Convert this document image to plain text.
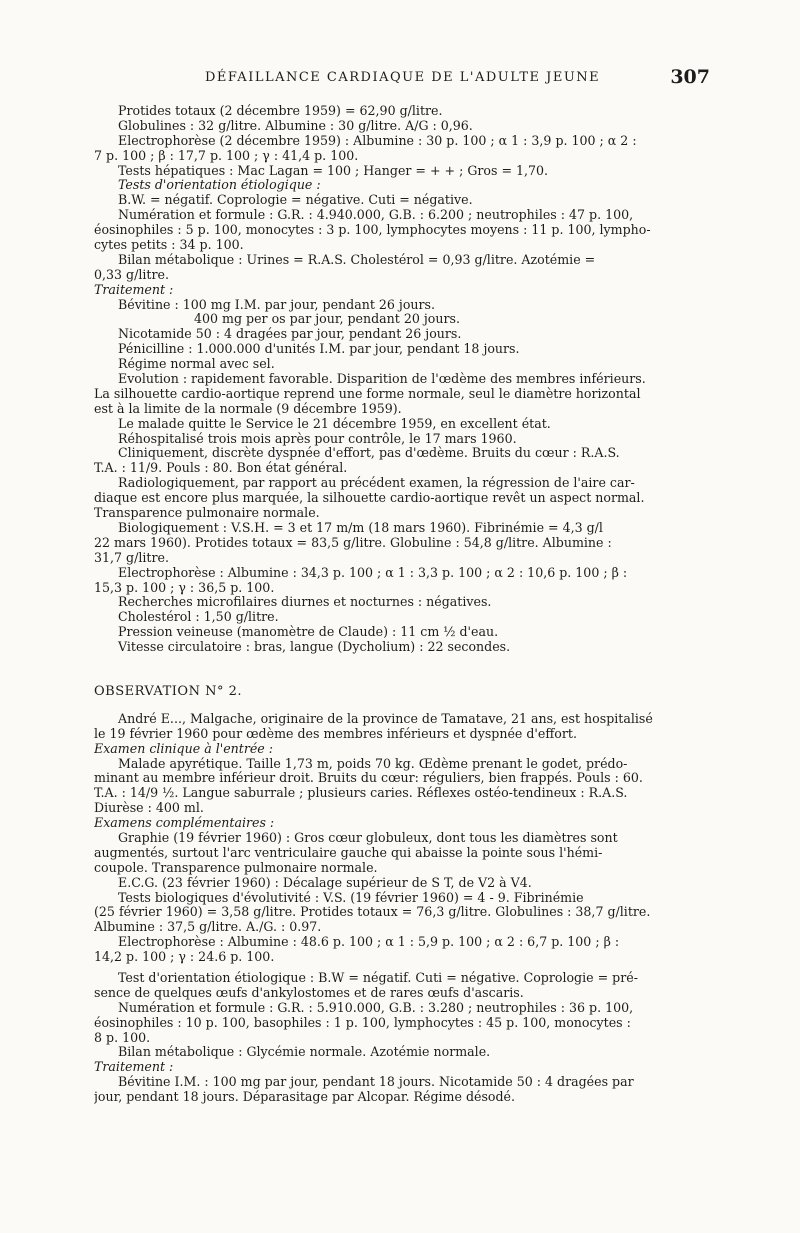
DÉFAILLANCE CARDIAQUE DE L'ADULTE JEUNE	307
Protides totaux (2 décembre 1959) = 62,90 g/litre.
Globulines : 32 g/litre. Albumine : 30 g/litre. A/G : 0,96.
Electrophorèse (2 décembre 1959) : Albumine : 30 p. 100 ; α 1 : 3,9 p. 100 ; α 2 :
7 p. 100 ; β : 17,7 p. 100 ; γ : 41,4 p. 100.
Tests hépatiques : Mac Lagan = 100 ; Hanger = + + ; Gros = 1,70.
Tests d'orientation étiologique :
B.W. = négatif. Coprologie = négative. Cuti = négative.
Numération et formule : G.R. : 4.940.000, G.B. : 6.200 ; neutrophiles : 47 p. 100,
éosinophiles : 5 p. 100, monocytes : 3 p. 100, lymphocytes moyens : 11 p. 100, lympho-
cytes petits : 34 p. 100.
Bilan métabolique : Urines = R.A.S. Cholestérol = 0,93 g/litre. Azotémie =
0,33 g/litre.
Traitement :
Bévitine : 100 mg I.M. par jour, pendant 26 jours.
400 mg per os par jour, pendant 20 jours.
Nicotamide 50 : 4 dragées par jour, pendant 26 jours.
Pénicilline : 1.000.000 d'unités I.M. par jour, pendant 18 jours.
Régime normal avec sel.
Evolution : rapidement favorable. Disparition de l'œdème des membres inférieurs.
La silhouette cardio-aortique reprend une forme normale, seul le diamètre horizontal
est à la limite de la normale (9 décembre 1959).
Le malade quitte le Service le 21 décembre 1959, en excellent état.
Réhospitalisé trois mois après pour contrôle, le 17 mars 1960.
Cliniquement, discrète dyspnée d'effort, pas d'œdème. Bruits du cœur : R.A.S.
T.A. : 11/9. Pouls : 80. Bon état général.
Radiologiquement, par rapport au précédent examen, la régression de l'aire car-
diaque est encore plus marquée, la silhouette cardio-aortique revêt un aspect normal.
Transparence pulmonaire normale.
Biologiquement : V.S.H. = 3 et 17 m/m (18 mars 1960). Fibrinémie = 4,3 g/l
22 mars 1960). Protides totaux = 83,5 g/litre. Globuline : 54,8 g/litre. Albumine :
31,7 g/litre.
Electrophorèse : Albumine : 34,3 p. 100 ; α 1 : 3,3 p. 100 ; α 2 : 10,6 p. 100 ; β :
15,3 p. 100 ; γ : 36,5 p. 100.
Recherches microfilaires diurnes et nocturnes : négatives.
Cholestérol : 1,50 g/litre.
Pression veineuse (manomètre de Claude) : 11 cm ½ d'eau.
Vitesse circulatoire : bras, langue (Dycholium) : 22 secondes.
OBSERVATION N° 2.
André E..., Malgache, originaire de la province de Tamatave, 21 ans, est hospitalisé
le 19 février 1960 pour œdème des membres inférieurs et dyspnée d'effort.
Examen clinique à l'entrée :
Malade apyrétique. Taille 1,73 m, poids 70 kg. Œdème prenant le godet, prédo-
minant au membre inférieur droit. Bruits du cœur: réguliers, bien frappés. Pouls : 60.
T.A. : 14/9 ½. Langue saburrale ; plusieurs caries. Réflexes ostéo-tendineux : R.A.S.
Diurèse : 400 ml.
Examens complémentaires :
Graphie (19 février 1960) : Gros cœur globuleux, dont tous les diamètres sont
augmentés, surtout l'arc ventriculaire gauche qui abaisse la pointe sous l'hémi-
coupole. Transparence pulmonaire normale.
E.C.G. (23 février 1960) : Décalage supérieur de S T, de V2 à V4.
Tests biologiques d'évolutivité : V.S. (19 février 1960) = 4 - 9. Fibrinémie
(25 février 1960) = 3,58 g/litre. Protides totaux = 76,3 g/litre. Globulines : 38,7 g/litre.
Albumine : 37,5 g/litre. A./G. : 0.97.
Electrophorèse : Albumine : 48.6 p. 100 ; α 1 : 5,9 p. 100 ; α 2 : 6,7 p. 100 ; β :
14,2 p. 100 ; γ : 24.6 p. 100.
Test d'orientation étiologique : B.W = négatif. Cuti = négative. Coprologie = pré-
sence de quelques œufs d'ankylostomes et de rares œufs d'ascaris.
Numération et formule : G.R. : 5.910.000, G.B. : 3.280 ; neutrophiles : 36 p. 100,
éosinophiles : 10 p. 100, basophiles : 1 p. 100, lymphocytes : 45 p. 100, monocytes :
8 p. 100.
Bilan métabolique : Glycémie normale. Azotémie normale.
Traitement :
Bévitine I.M. : 100 mg par jour, pendant 18 jours. Nicotamide 50 : 4 dragées par
jour, pendant 18 jours. Déparasitage par Alcopar. Régime désodé.
